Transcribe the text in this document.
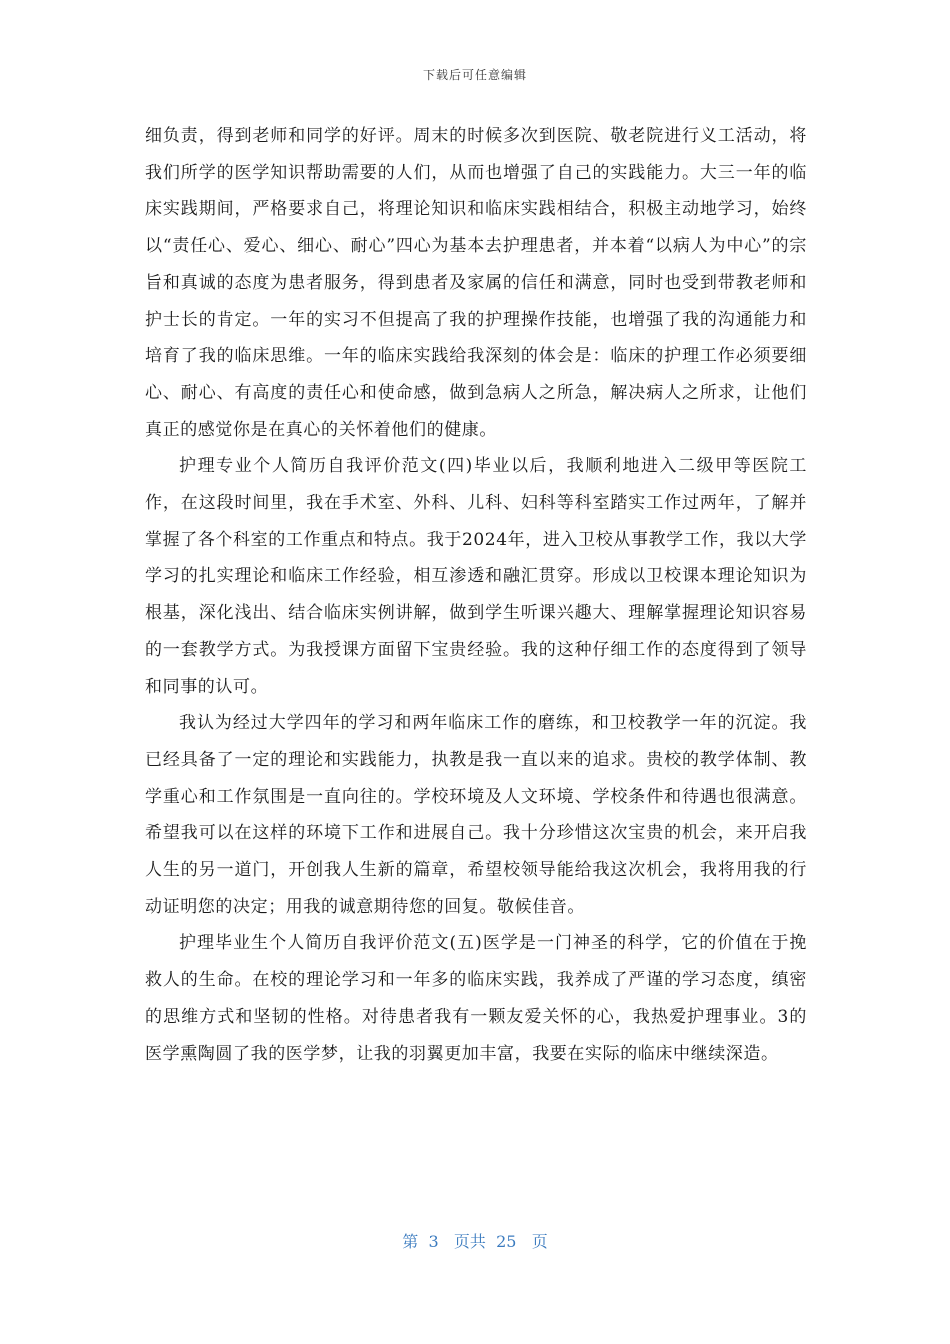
下载后可任意编辑

细负责，得到老师和同学的好评。周末的时候多次到医院、敬老院进行义工活动，将我们所学的医学知识帮助需要的人们，从而也增强了自己的实践能力。大三一年的临床实践期间，严格要求自己，将理论知识和临床实践相结合，积极主动地学习，始终以“责任心、爱心、细心、耐心”四心为基本去护理患者，并本着“以病人为中心”的宗旨和真诚的态度为患者服务，得到患者及家属的信任和满意，同时也受到带教老师和护士长的肯定。一年的实习不但提高了我的护理操作技能，也增强了我的沟通能力和培育了我的临床思维。一年的临床实践给我深刻的体会是：临床的护理工作必须要细心、耐心、有高度的责任心和使命感，做到急病人之所急，解决病人之所求，让他们真正的感觉你是在真心的关怀着他们的健康。

护理专业个人简历自我评价范文(四)毕业以后，我顺利地进入二级甲等医院工作，在这段时间里，我在手术室、外科、儿科、妇科等科室踏实工作过两年，了解并掌握了各个科室的工作重点和特点。我于2024年，进入卫校从事教学工作，我以大学学习的扎实理论和临床工作经验，相互渗透和融汇贯穿。形成以卫校课本理论知识为根基，深化浅出、结合临床实例讲解，做到学生听课兴趣大、理解掌握理论知识容易的一套教学方式。为我授课方面留下宝贵经验。我的这种仔细工作的态度得到了领导和同事的认可。

我认为经过大学四年的学习和两年临床工作的磨练，和卫校教学一年的沉淀。我已经具备了一定的理论和实践能力，执教是我一直以来的追求。贵校的教学体制、教学重心和工作氛围是一直向往的。学校环境及人文环境、学校条件和待遇也很满意。希望我可以在这样的环境下工作和进展自己。我十分珍惜这次宝贵的机会，来开启我人生的另一道门，开创我人生新的篇章，希望校领导能给我这次机会，我将用我的行动证明您的决定；用我的诚意期待您的回复。敬候佳音。

护理毕业生个人简历自我评价范文(五)医学是一门神圣的科学，它的价值在于挽救人的生命。在校的理论学习和一年多的临床实践，我养成了严谨的学习态度，缜密的思维方式和坚韧的性格。对待患者我有一颗友爱关怀的心，我热爱护理事业。3的医学熏陶圆了我的医学梦，让我的羽翼更加丰富，我要在实际的临床中继续深造。

第  3   页共  25   页
